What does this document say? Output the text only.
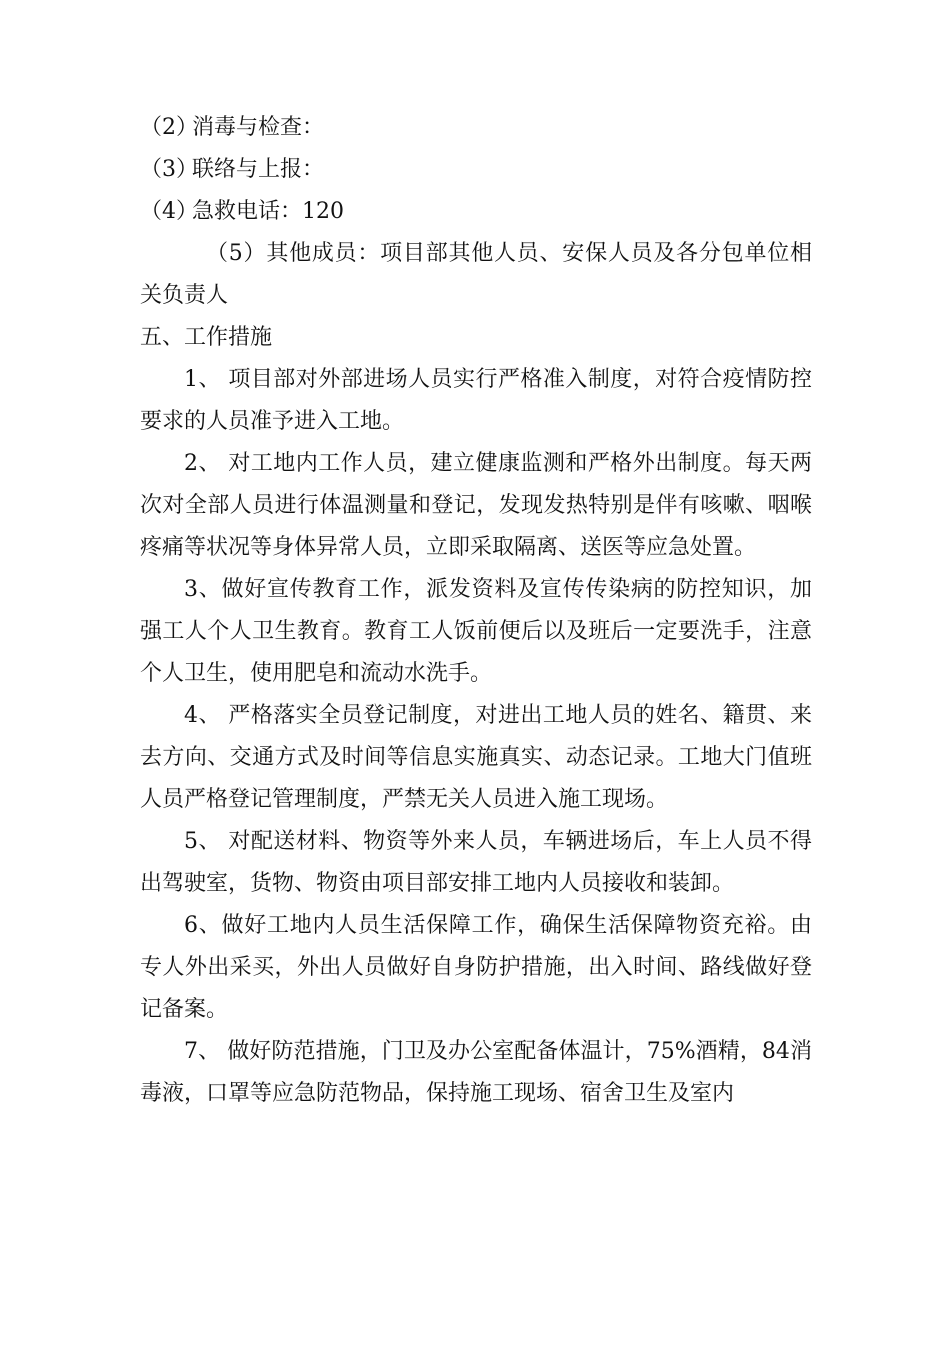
（2）消毒与检查：

（3）联络与上报：

（4）急救电话：120

（5）其他成员：项目部其他人员、安保人员及各分包单位相关负责人

五、工作措施

1、 项目部对外部进场人员实行严格准入制度，对符合疫情防控要求的人员准予进入工地。

2、 对工地内工作人员，建立健康监测和严格外出制度。每天两次对全部人员进行体温测量和登记，发现发热特别是伴有咳嗽、咽喉疼痛等状况等身体异常人员，立即采取隔离、送医等应急处置。

3、做好宣传教育工作，派发资料及宣传传染病的防控知识，加强工人个人卫生教育。教育工人饭前便后以及班后一定要洗手，注意个人卫生，使用肥皂和流动水洗手。

4、 严格落实全员登记制度，对进出工地人员的姓名、籍贯、来去方向、交通方式及时间等信息实施真实、动态记录。工地大门值班人员严格登记管理制度，严禁无关人员进入施工现场。

5、 对配送材料、物资等外来人员，车辆进场后，车上人员不得出驾驶室，货物、物资由项目部安排工地内人员接收和装卸。

6、做好工地内人员生活保障工作，确保生活保障物资充裕。由专人外出采买，外出人员做好自身防护措施，出入时间、路线做好登记备案。

7、 做好防范措施，门卫及办公室配备体温计，75%酒精，84消毒液，口罩等应急防范物品，保持施工现场、宿舍卫生及室内
